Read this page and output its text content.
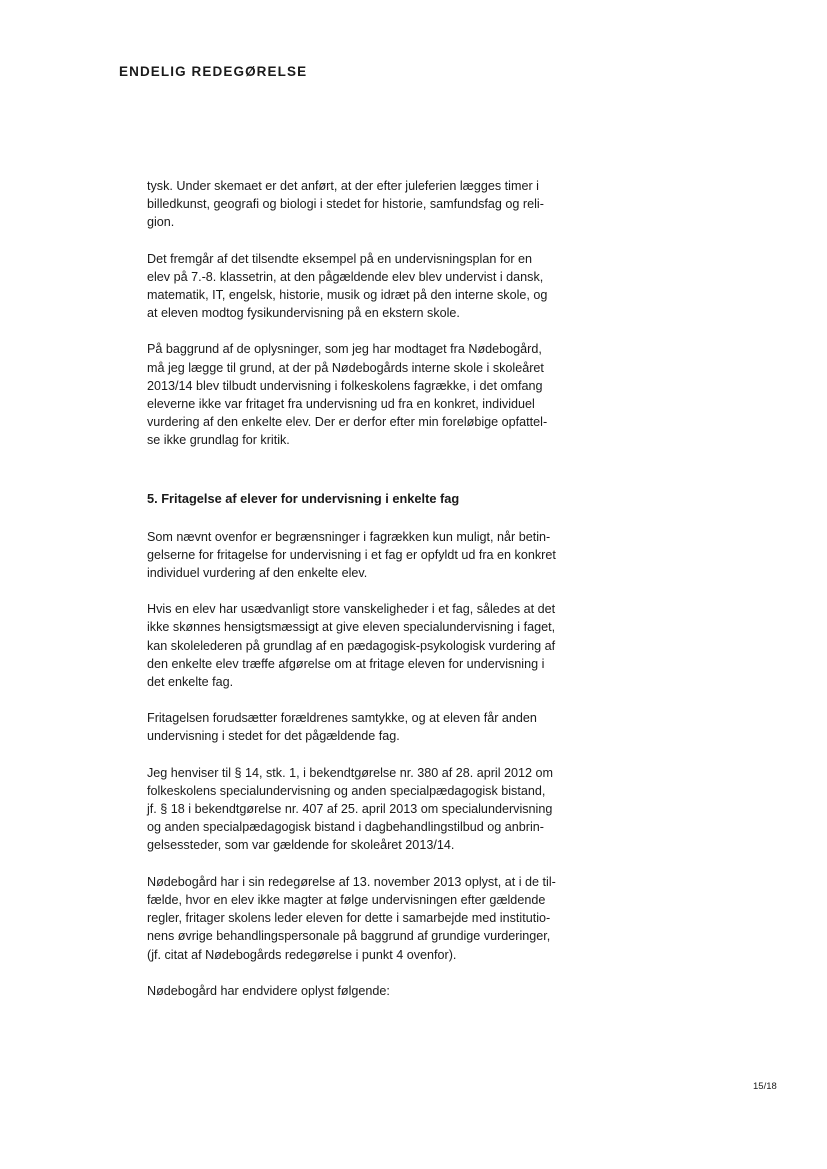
ENDELIG REDEGØRELSE

tysk. Under skemaet er det anført, at der efter juleferien lægges timer i
billedkunst, geografi og biologi i stedet for historie, samfundsfag og reli-
gion.

Det fremgår af det tilsendte eksempel på en undervisningsplan for en
elev på 7.-8. klassetrin, at den pågældende elev blev undervist i dansk,
matematik, IT, engelsk, historie, musik og idræt på den interne skole, og
at eleven modtog fysikundervisning på en ekstern skole.

På baggrund af de oplysninger, som jeg har modtaget fra Nødebogård,
må jeg lægge til grund, at der på Nødebogårds interne skole i skoleåret
2013/14 blev tilbudt undervisning i folkeskolens fagrække, i det omfang
eleverne ikke var fritaget fra undervisning ud fra en konkret, individuel
vurdering af den enkelte elev. Der er derfor efter min foreløbige opfattel-
se ikke grundlag for kritik.

5. Fritagelse af elever for undervisning i enkelte fag

Som nævnt ovenfor er begrænsninger i fagrækken kun muligt, når betin-
gelserne for fritagelse for undervisning i et fag er opfyldt ud fra en konkret
individuel vurdering af den enkelte elev.

Hvis en elev har usædvanligt store vanskeligheder i et fag, således at det
ikke skønnes hensigtsmæssigt at give eleven specialundervisning i faget,
kan skolelederen på grundlag af en pædagogisk-psykologisk vurdering af
den enkelte elev træffe afgørelse om at fritage eleven for undervisning i
det enkelte fag.

Fritagelsen forudsætter forældrenes samtykke, og at eleven får anden
undervisning i stedet for det pågældende fag.

Jeg henviser til § 14, stk. 1, i bekendtgørelse nr. 380 af 28. april 2012 om
folkeskolens specialundervisning og anden specialpædagogisk bistand,
jf. § 18 i bekendtgørelse nr. 407 af 25. april 2013 om specialundervisning
og anden specialpædagogisk bistand i dagbehandlingstilbud og anbrin-
gelsessteder, som var gældende for skoleåret 2013/14.

Nødebogård har i sin redegørelse af 13. november 2013 oplyst, at i de til-
fælde, hvor en elev ikke magter at følge undervisningen efter gældende
regler, fritager skolens leder eleven for dette i samarbejde med institutio-
nens øvrige behandlingspersonale på baggrund af grundige vurderinger,
(jf. citat af Nødebogårds redegørelse i punkt 4 ovenfor).

Nødebogård har endvidere oplyst følgende:

15/18
